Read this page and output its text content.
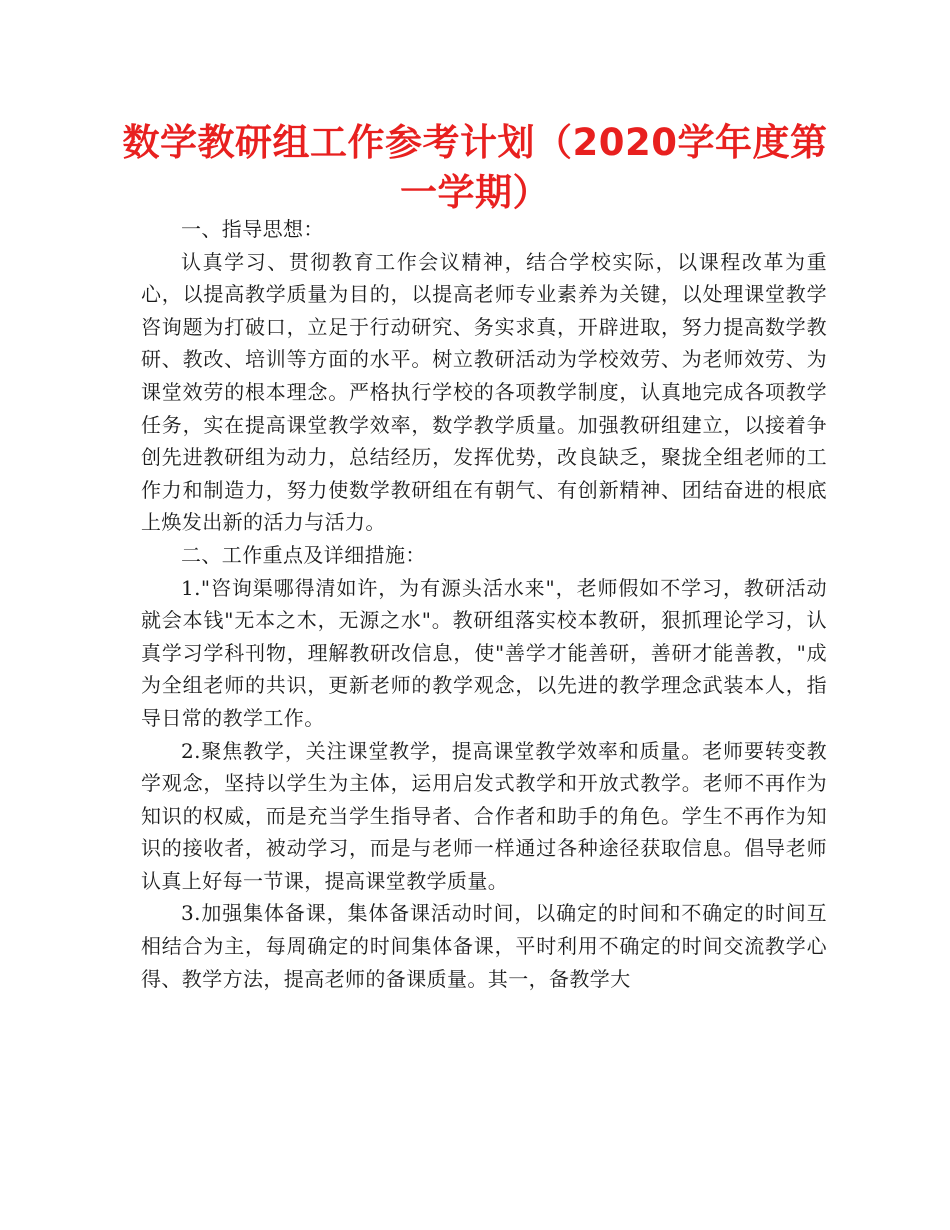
数学教研组工作参考计划（2020学年度第一学期）

一、指导思想：

认真学习、贯彻教育工作会议精神，结合学校实际，以课程改革为重心，以提高教学质量为目的，以提高老师专业素养为关键，以处理课堂教学咨询题为打破口，立足于行动研究、务实求真，开辟进取，努力提高数学教研、教改、培训等方面的水平。树立教研活动为学校效劳、为老师效劳、为课堂效劳的根本理念。严格执行学校的各项教学制度，认真地完成各项教学任务，实在提高课堂教学效率，数学教学质量。加强教研组建立，以接着争创先进教研组为动力，总结经历，发挥优势，改良缺乏，聚拢全组老师的工作力和制造力，努力使数学教研组在有朝气、有创新精神、团结奋进的根底上焕发出新的活力与活力。

二、工作重点及详细措施：

1."咨询渠哪得清如许，为有源头活水来"，老师假如不学习，教研活动就会本钱"无本之木，无源之水"。教研组落实校本教研，狠抓理论学习，认真学习学科刊物，理解教研改信息，使"善学才能善研，善研才能善教，"成为全组老师的共识，更新老师的教学观念，以先进的教学理念武装本人，指导日常的教学工作。

2.聚焦教学，关注课堂教学，提高课堂教学效率和质量。老师要转变教学观念，坚持以学生为主体，运用启发式教学和开放式教学。老师不再作为知识的权威，而是充当学生指导者、合作者和助手的角色。学生不再作为知识的接收者，被动学习，而是与老师一样通过各种途径获取信息。倡导老师认真上好每一节课，提高课堂教学质量。

3.加强集体备课，集体备课活动时间，以确定的时间和不确定的时间互相结合为主，每周确定的时间集体备课，平时利用不确定的时间交流教学心得、教学方法，提高老师的备课质量。其一，备教学大
